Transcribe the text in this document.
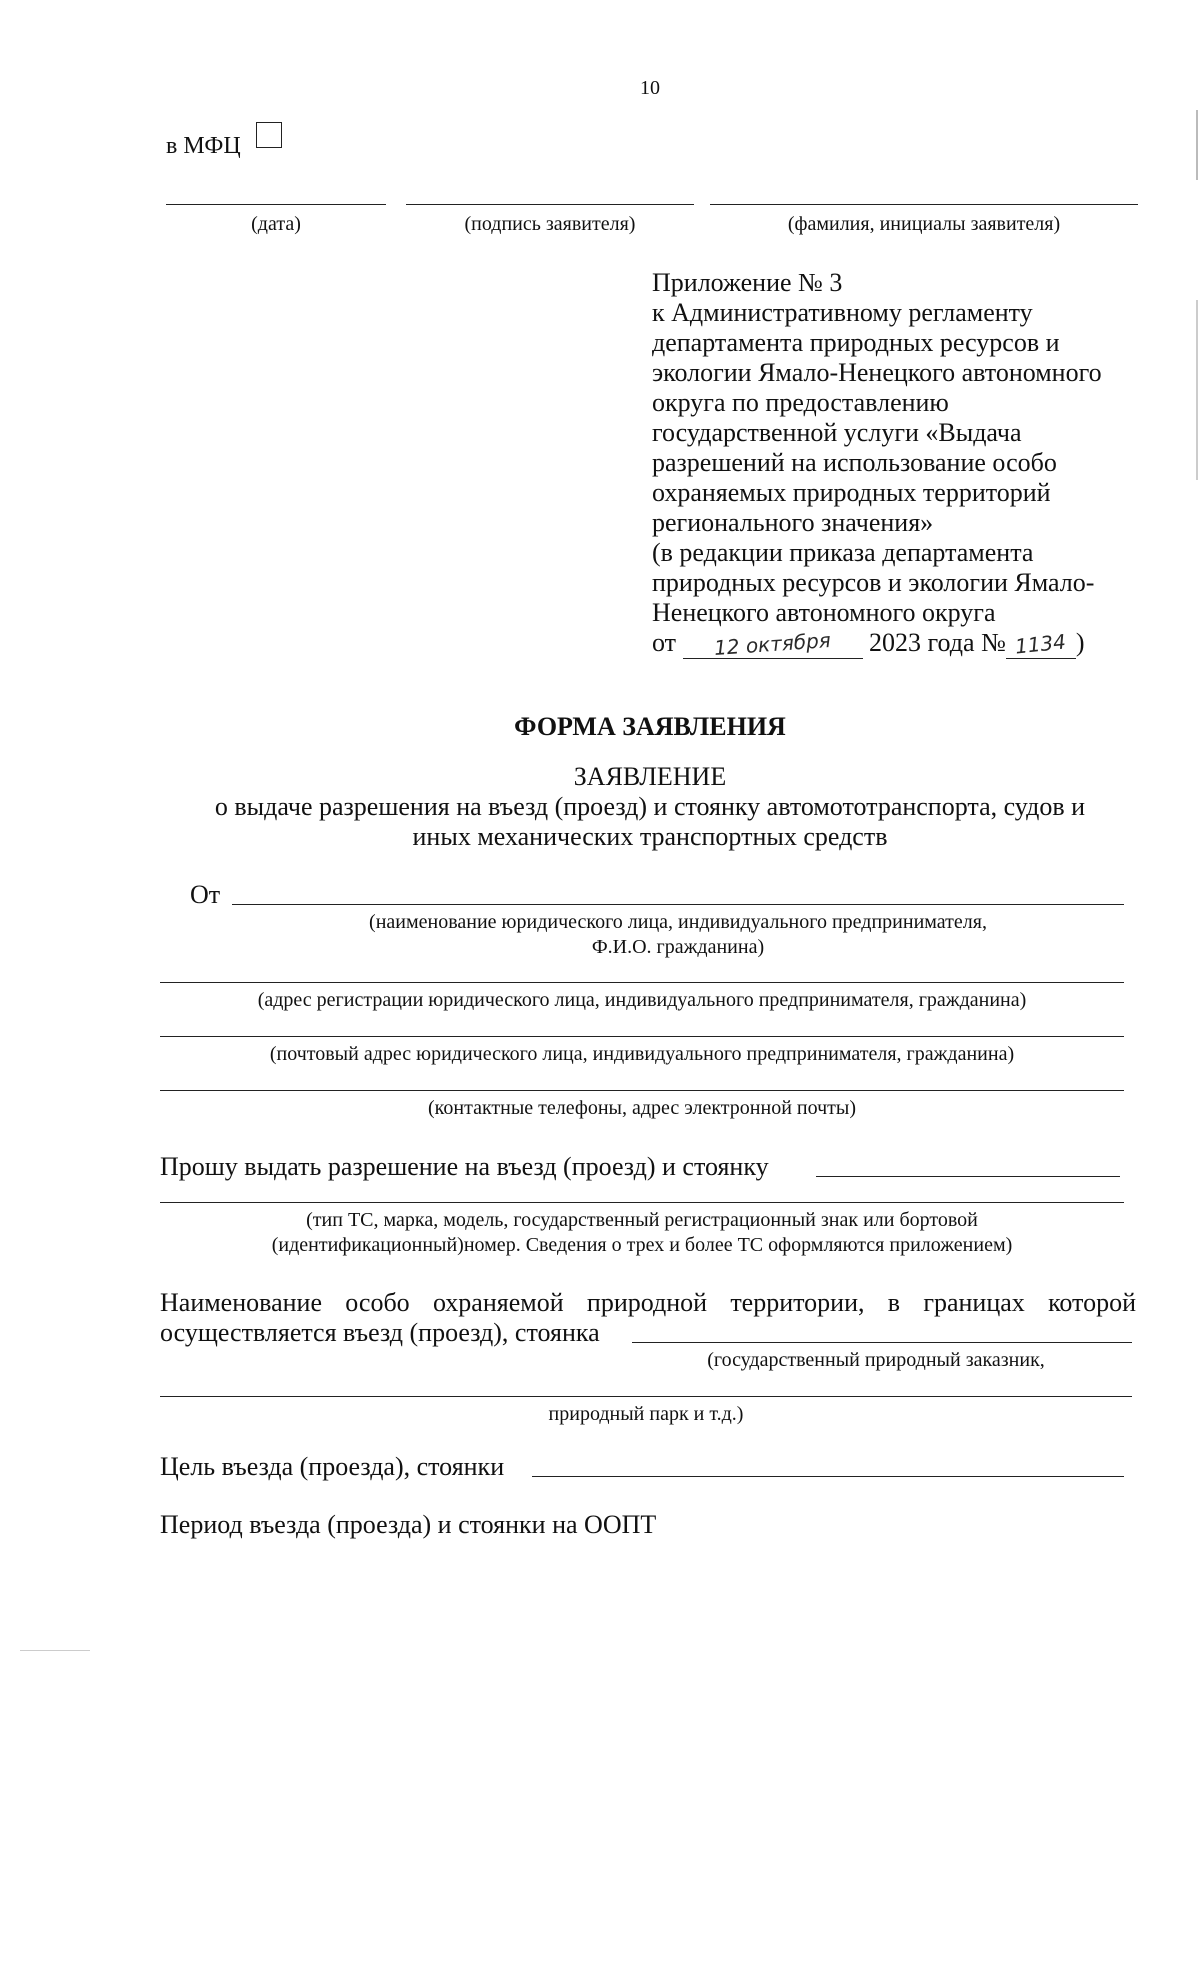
10
в МФЦ
(дата)	(подпись заявителя)	(фамилия, инициалы заявителя)
Приложение № 3
к Административному регламенту
департамента природных ресурсов и
экологии Ямало-Ненецкого автономного
округа по предоставлению
государственной услуги «Выдача
разрешений на использование особо
охраняемых природных территорий
регионального значения»
(в редакции приказа департамента
природных ресурсов и экологии Ямало-
Ненецкого автономного округа
от 12 октября 2023 года № 1134 )
ФОРМА ЗАЯВЛЕНИЯ
ЗАЯВЛЕНИЕ
о выдаче разрешения на въезд (проезд) и стоянку автомототранспорта, судов и
иных механических транспортных средств
От
(наименование юридического лица, индивидуального предпринимателя,
Ф.И.О. гражданина)
(адрес регистрации юридического лица, индивидуального предпринимателя, гражданина)
(почтовый адрес юридического лица, индивидуального предпринимателя, гражданина)
(контактные телефоны, адрес электронной почты)
Прошу выдать разрешение на въезд (проезд) и стоянку
(тип ТС, марка, модель, государственный регистрационный знак или бортовой
(идентификационный)номер. Сведения о трех и более ТС оформляются приложением)
Наименование особо охраняемой природной территории, в границах которой
осуществляется въезд (проезд), стоянка
(государственный природный заказник,
природный парк и т.д.)
Цель въезда (проезда), стоянки
Период въезда (проезда) и стоянки на ООПТ
